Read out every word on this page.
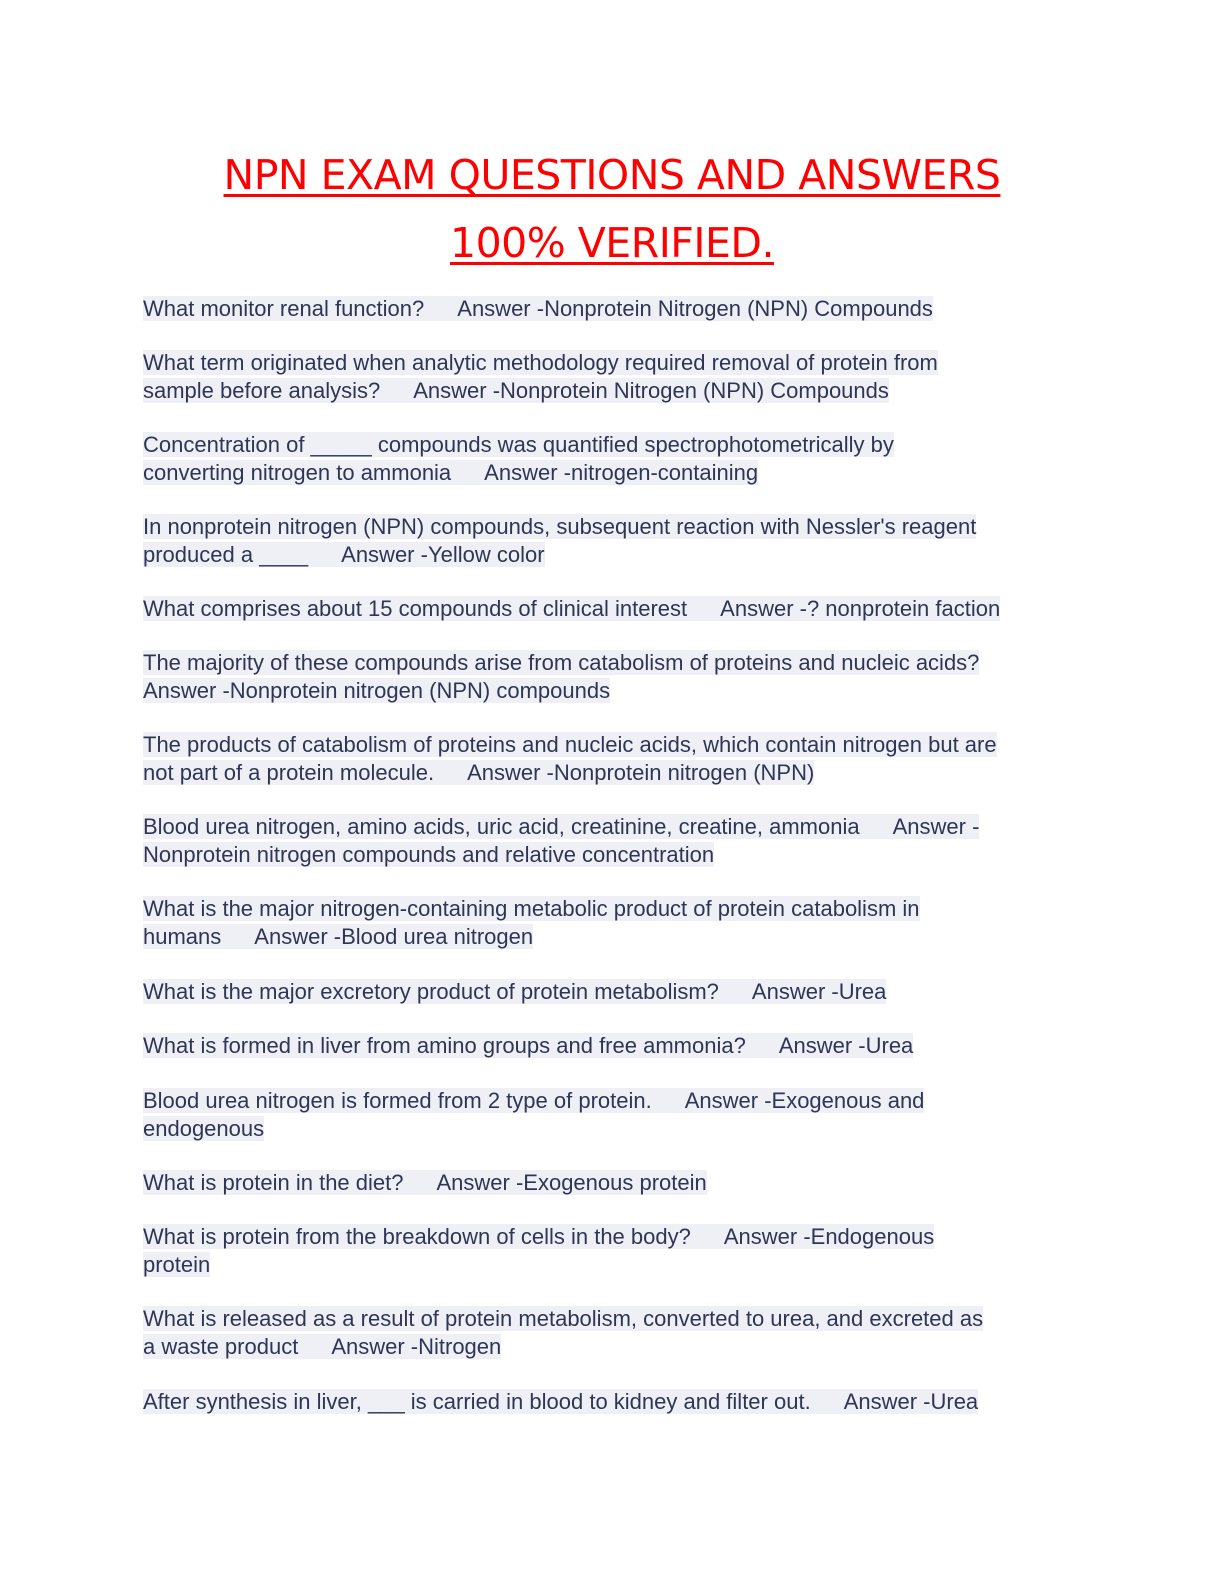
NPN EXAM QUESTIONS AND ANSWERS
100% VERIFIED.
What monitor renal function? Answer -Nonprotein Nitrogen (NPN) Compounds
What term originated when analytic methodology required removal of protein from
sample before analysis? Answer -Nonprotein Nitrogen (NPN) Compounds
Concentration of _____ compounds was quantified spectrophotometrically by
converting nitrogen to ammonia Answer -nitrogen-containing
In nonprotein nitrogen (NPN) compounds, subsequent reaction with Nessler's reagent
produced a ____ Answer -Yellow color
What comprises about 15 compounds of clinical interest Answer -? nonprotein faction
The majority of these compounds arise from catabolism of proteins and nucleic acids?
Answer -Nonprotein nitrogen (NPN) compounds
The products of catabolism of proteins and nucleic acids, which contain nitrogen but are
not part of a protein molecule. Answer -Nonprotein nitrogen (NPN)
Blood urea nitrogen, amino acids, uric acid, creatinine, creatine, ammonia Answer -
Nonprotein nitrogen compounds and relative concentration
What is the major nitrogen-containing metabolic product of protein catabolism in
humans Answer -Blood urea nitrogen
What is the major excretory product of protein metabolism? Answer -Urea
What is formed in liver from amino groups and free ammonia? Answer -Urea
Blood urea nitrogen is formed from 2 type of protein. Answer -Exogenous and
endogenous
What is protein in the diet? Answer -Exogenous protein
What is protein from the breakdown of cells in the body? Answer -Endogenous
protein
What is released as a result of protein metabolism, converted to urea, and excreted as
a waste product Answer -Nitrogen
After synthesis in liver, ___ is carried in blood to kidney and filter out. Answer -Urea
